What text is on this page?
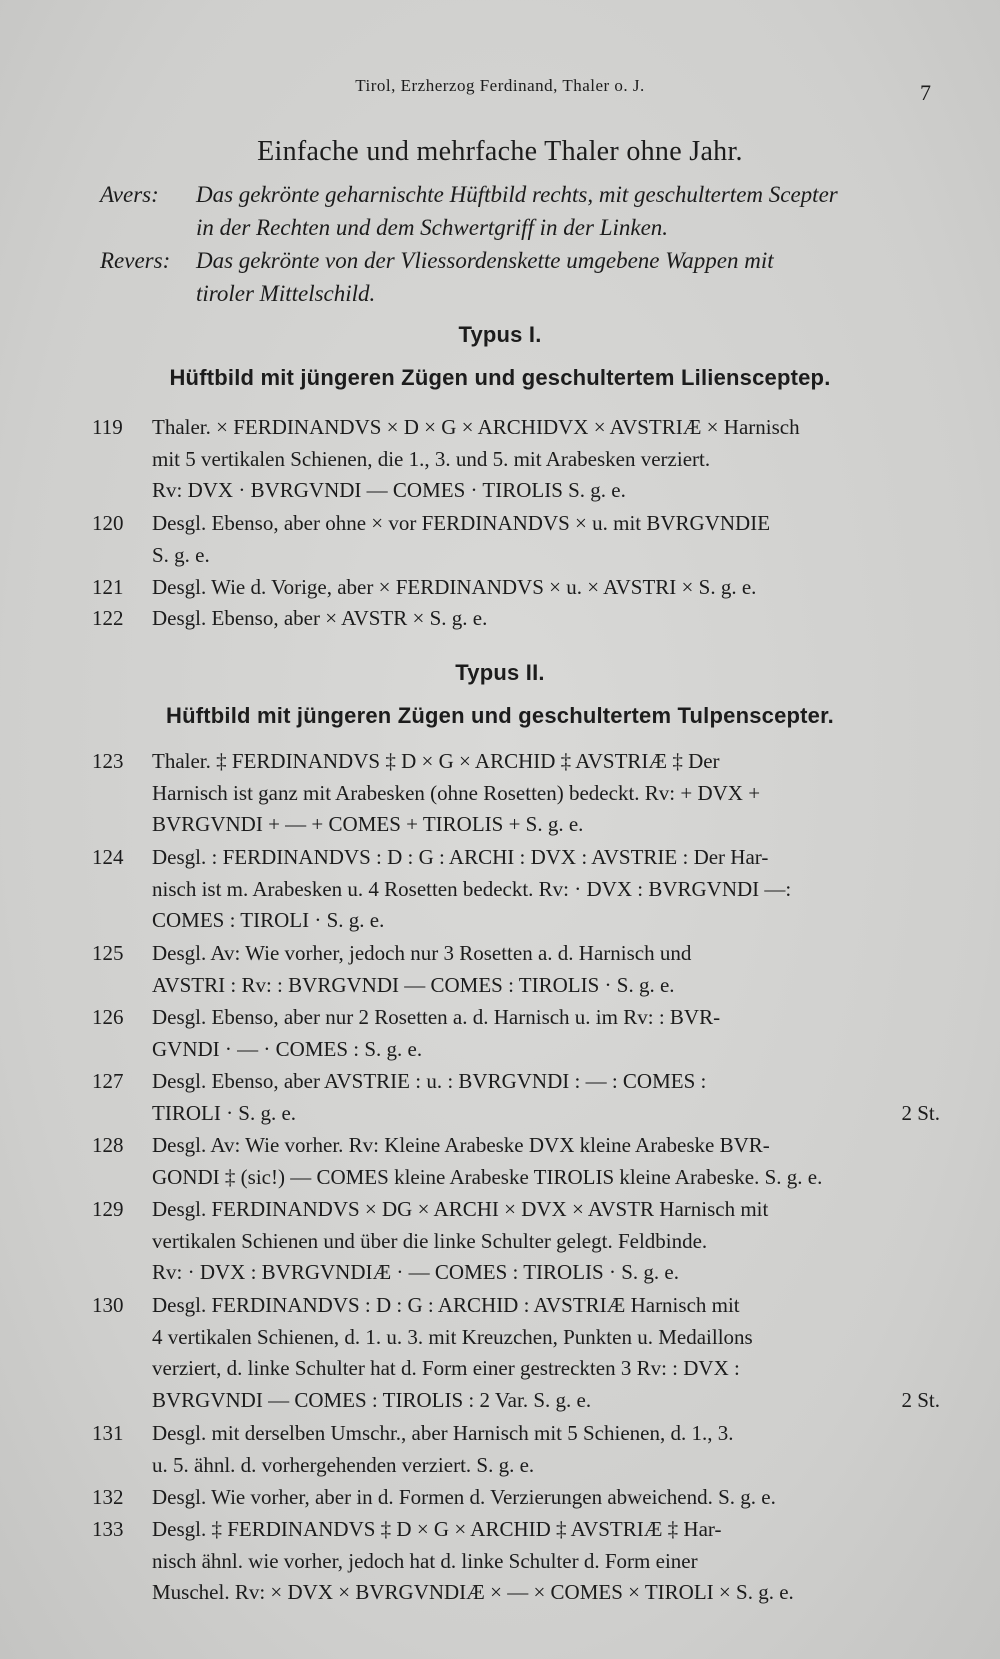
Tirol, Erzherzog Ferdinand, Thaler o. J.	7
Einfache und mehrfache Thaler ohne Jahr.
Avers: Das gekrönte geharnischte Hüftbild rechts, mit geschultertem Scepter
in der Rechten und dem Schwertgriff in der Linken.
Revers: Das gekrönte von der Vliessordenskette umgebene Wappen mit
tiroler Mittelschild.
Typus I.
Hüftbild mit jüngeren Zügen und geschultertem Liliensceptер.
Typus II.
Hüftbild mit jüngeren Zügen und geschultertem Tulpenscepter.
119	Thaler. × FERDINANDVS × D × G × ARCHIDVX × AVSTRIÆ × Harnisch
mit 5 vertikalen Schienen, die 1., 3. und 5. mit Arabesken verziert.
Rv: DVX · BVRGVNDI — COMES · TIROLIS S. g. e.
120	Desgl. Ebenso, aber ohne × vor FERDINANDVS × u. mit BVRGVNDIE
S. g. e.
121	Desgl. Wie d. Vorige, aber × FERDINANDVS × u. × AVSTRI × S. g. e.
122	Desgl. Ebenso, aber × AVSTR × S. g. e.
123	Thaler. ‡ FERDINANDVS ‡ D × G × ARCHID ‡ AVSTRIÆ ‡ Der
Harnisch ist ganz mit Arabesken (ohne Rosetten) bedeckt. Rv: + DVX +
BVRGVNDI + — + COMES + TIROLIS + S. g. e.
124	Desgl. : FERDINANDVS : D : G : ARCHI : DVX : AVSTRIE : Der Har-
nisch ist m. Arabesken u. 4 Rosetten bedeckt. Rv: · DVX : BVRGVNDI —:
COMES : TIROLI · S. g. e.
125	Desgl. Av: Wie vorher, jedoch nur 3 Rosetten a. d. Harnisch und
AVSTRI : Rv: : BVRGVNDI — COMES : TIROLIS · S. g. e.
126	Desgl. Ebenso, aber nur 2 Rosetten a. d. Harnisch u. im Rv: : BVR-
GVNDI · — · COMES : S. g. e.
127	Desgl. Ebenso, aber AVSTRIE : u. : BVRGVNDI : — : COMES :
TIROLI · S. g. e.	2 St.
128	Desgl. Av: Wie vorher. Rv: Kleine Arabeske DVX kleine Arabeske BVR-
GONDI ‡ (sic!) — COMES kleine Arabeske TIROLIS kleine Arabeske. S. g. e.
129	Desgl. FERDINANDVS × DG × ARCHI × DVX × AVSTR Harnisch mit
vertikalen Schienen und über die linke Schulter gelegt. Feldbinde.
Rv: · DVX : BVRGVNDIÆ · — COMES : TIROLIS · S. g. e.
130	Desgl. FERDINANDVS : D : G : ARCHID : AVSTRIÆ Harnisch mit
4 vertikalen Schienen, d. 1. u. 3. mit Kreuzchen, Punkten u. Medaillons
verziert, d. linke Schulter hat d. Form einer gestreckten 3 Rv: : DVX :
BVRGVNDI — COMES : TIROLIS : 2 Var. S. g. e.	2 St.
131	Desgl. mit derselben Umschr., aber Harnisch mit 5 Schienen, d. 1., 3.
u. 5. ähnl. d. vorhergehenden verziert. S. g. e.
132	Desgl. Wie vorher, aber in d. Formen d. Verzierungen abweichend. S. g. e.
133	Desgl. ‡ FERDINANDVS ‡ D × G × ARCHID ‡ AVSTRIÆ ‡ Har-
nisch ähnl. wie vorher, jedoch hat d. linke Schulter d. Form einer
Muschel. Rv: × DVX × BVRGVNDIÆ × — × COMES × TIROLI × S. g. e.
